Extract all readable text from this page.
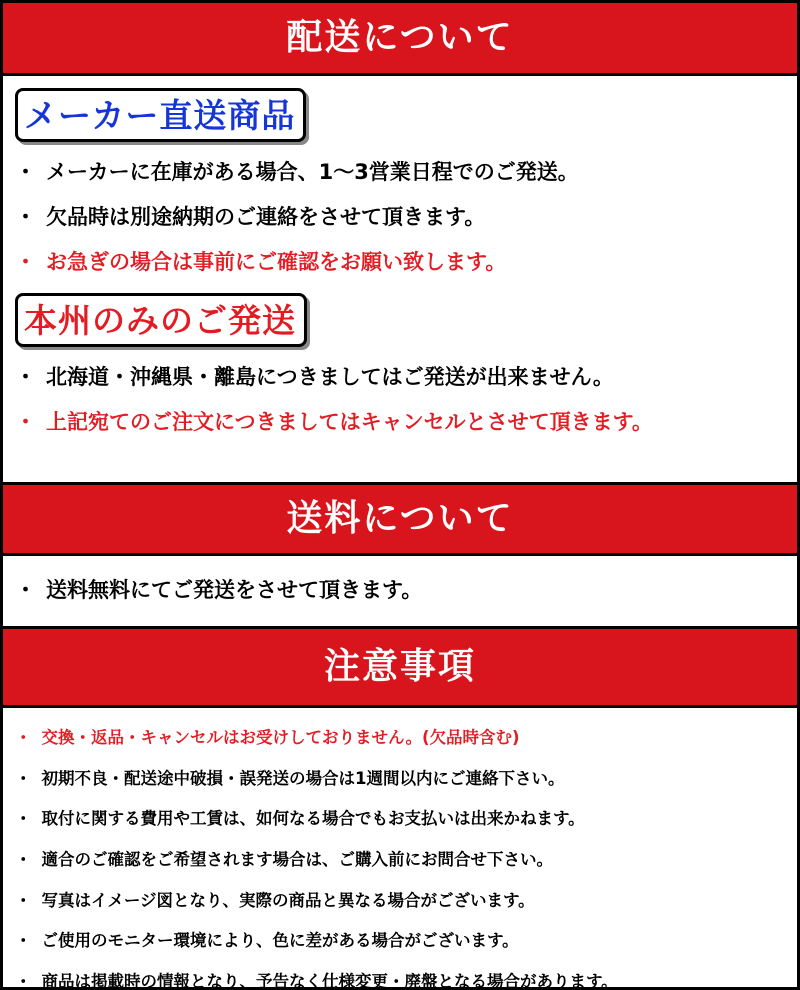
配送について
メーカー直送商品
・ メーカーに在庫がある場合、1～3営業日程でのご発送。
・ 欠品時は別途納期のご連絡をさせて頂きます。
・ お急ぎの場合は事前にご確認をお願い致します。
本州のみのご発送
・ 北海道・沖縄県・離島につきましてはご発送が出来ません。
・ 上記宛てのご注文につきましてはキャンセルとさせて頂きます。
送料について
・ 送料無料にてご発送をさせて頂きます。
注意事項
・ 交換・返品・キャンセルはお受けしておりません。(欠品時含む)
・ 初期不良・配送途中破損・誤発送の場合は1週間以内にご連絡下さい。
・ 取付に関する費用や工賃は、如何なる場合でもお支払いは出来かねます。
・ 適合のご確認をご希望されます場合は、ご購入前にお問合せ下さい。
・ 写真はイメージ図となり、実際の商品と異なる場合がございます。
・ ご使用のモニター環境により、色に差がある場合がございます。
・ 商品は掲載時の情報となり、予告なく仕様変更・廃盤となる場合があります。
